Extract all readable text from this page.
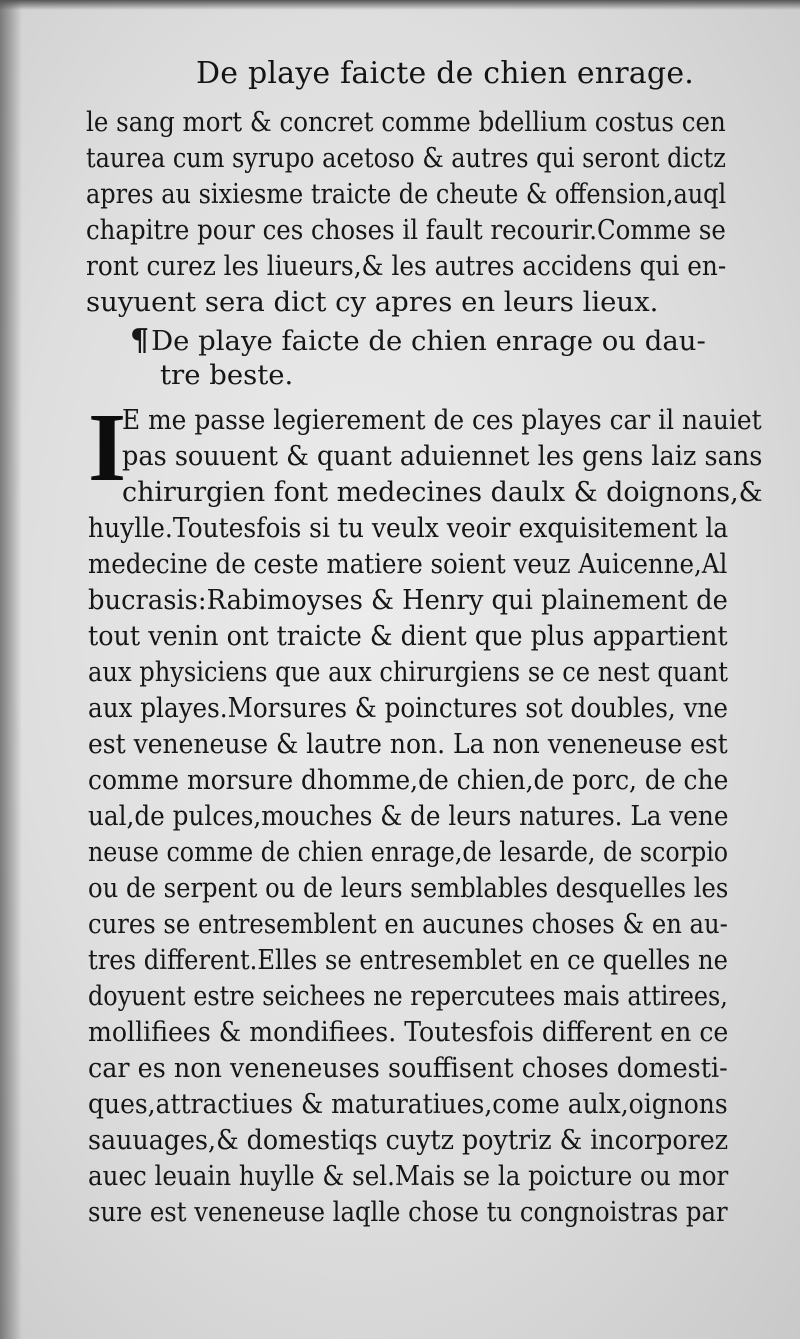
De playe faicte de chien enrage.
le sang mort & concret comme bdellium costus cen
taurea cum syrupo acetoso & autres qui seront dictz
apres au sixiesme traicte de cheute & offension,auql
chapitre pour ces choses il fault recourir.Comme se
ront curez les liueurs,& les autres accidens qui en-
suyuent sera dict cy apres en leurs lieux.
¶De playe faicte de chien enrage ou dau-
tre beste.
I
E me passe legierement de ces playes car il nauiet
pas souuent & quant aduiennet les gens laiz sans
chirurgien font medecines daulx & doignons,&
huylle.Toutesfois si tu veulx veoir exquisitement la
medecine de ceste matiere soient veuz Auicenne,Al
bucrasis:Rabimoyses & Henry qui plainement de
tout venin ont traicte & dient que plus appartient
aux physiciens que aux chirurgiens se ce nest quant
aux playes.Morsures & poinctures sot doubles, vne
est veneneuse & lautre non. La non veneneuse est
comme morsure dhomme,de chien,de porc, de che
ual,de pulces,mouches & de leurs natures. La vene
neuse comme de chien enrage,de lesarde, de scorpio
ou de serpent ou de leurs semblables desquelles les
cures se entresemblent en aucunes choses & en au-
tres different.Elles se entresemblet en ce quelles ne
doyuent estre seichees ne repercutees mais attirees,
mollifiees & mondifiees. Toutesfois different en ce
car es non veneneuses souffisent choses domesti-
ques,attractiues & maturatiues,come aulx,oignons
sauuages,& domestiqs cuytz poytriz & incorporez
auec leuain huylle & sel.Mais se la poicture ou mor
sure est veneneuse laqlle chose tu congnoistras par
